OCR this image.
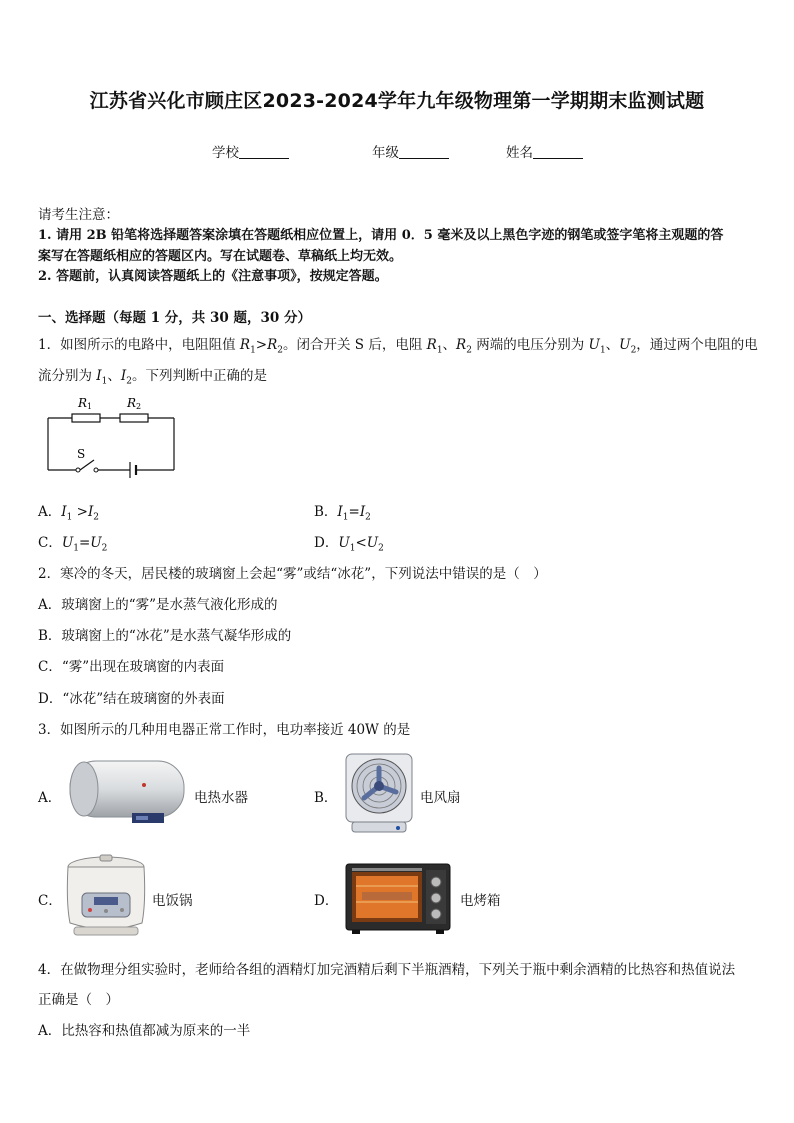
江苏省兴化市顾庄区2023-2024学年九年级物理第一学期期末监测试题
学校	年级	姓名
请考生注意：
1. 请用 2B 铅笔将选择题答案涂填在答题纸相应位置上，请用 0．5 毫米及以上黑色字迹的钢笔或签字笔将主观题的答
案写在答题纸相应的答题区内。写在试题卷、草稿纸上均无效。
2. 答题前，认真阅读答题纸上的《注意事项》，按规定答题。
一、选择题（每题 1 分，共 30 题，30 分）
1．如图所示的电路中，电阻阻值 $R_1>R_2$。闭合开关 S 后，电阻 $R_1$、$R_2$ 两端的电压分别为 $U_1$、$U_2$，通过两个电阻的电
流分别为 $I_1$、$I_2$。下列判断中正确的是
R1	R2
S
A．$I_1 >I_2$	B．$I_1=I_2$
C．$U_1=U_2$	D．$U_1<U_2$
2．寒冷的冬天，居民楼的玻璃窗上会起“雾”或结“冰花”，下列说法中错误的是（　）
A．玻璃窗上的“雾”是水蒸气液化形成的
B．玻璃窗上的“冰花”是水蒸气凝华形成的
C．“雾”出现在玻璃窗的内表面
D．“冰花”结在玻璃窗的外表面
3．如图所示的几种用电器正常工作时，电功率接近 40W 的是
A．	电热水器	B．	电风扇
C．	电饭锅	D．	电烤箱
4．在做物理分组实验时，老师给各组的酒精灯加完酒精后剩下半瓶酒精，下列关于瓶中剩余酒精的比热容和热值说法
正确是（　）
A．比热容和热值都减为原来的一半
